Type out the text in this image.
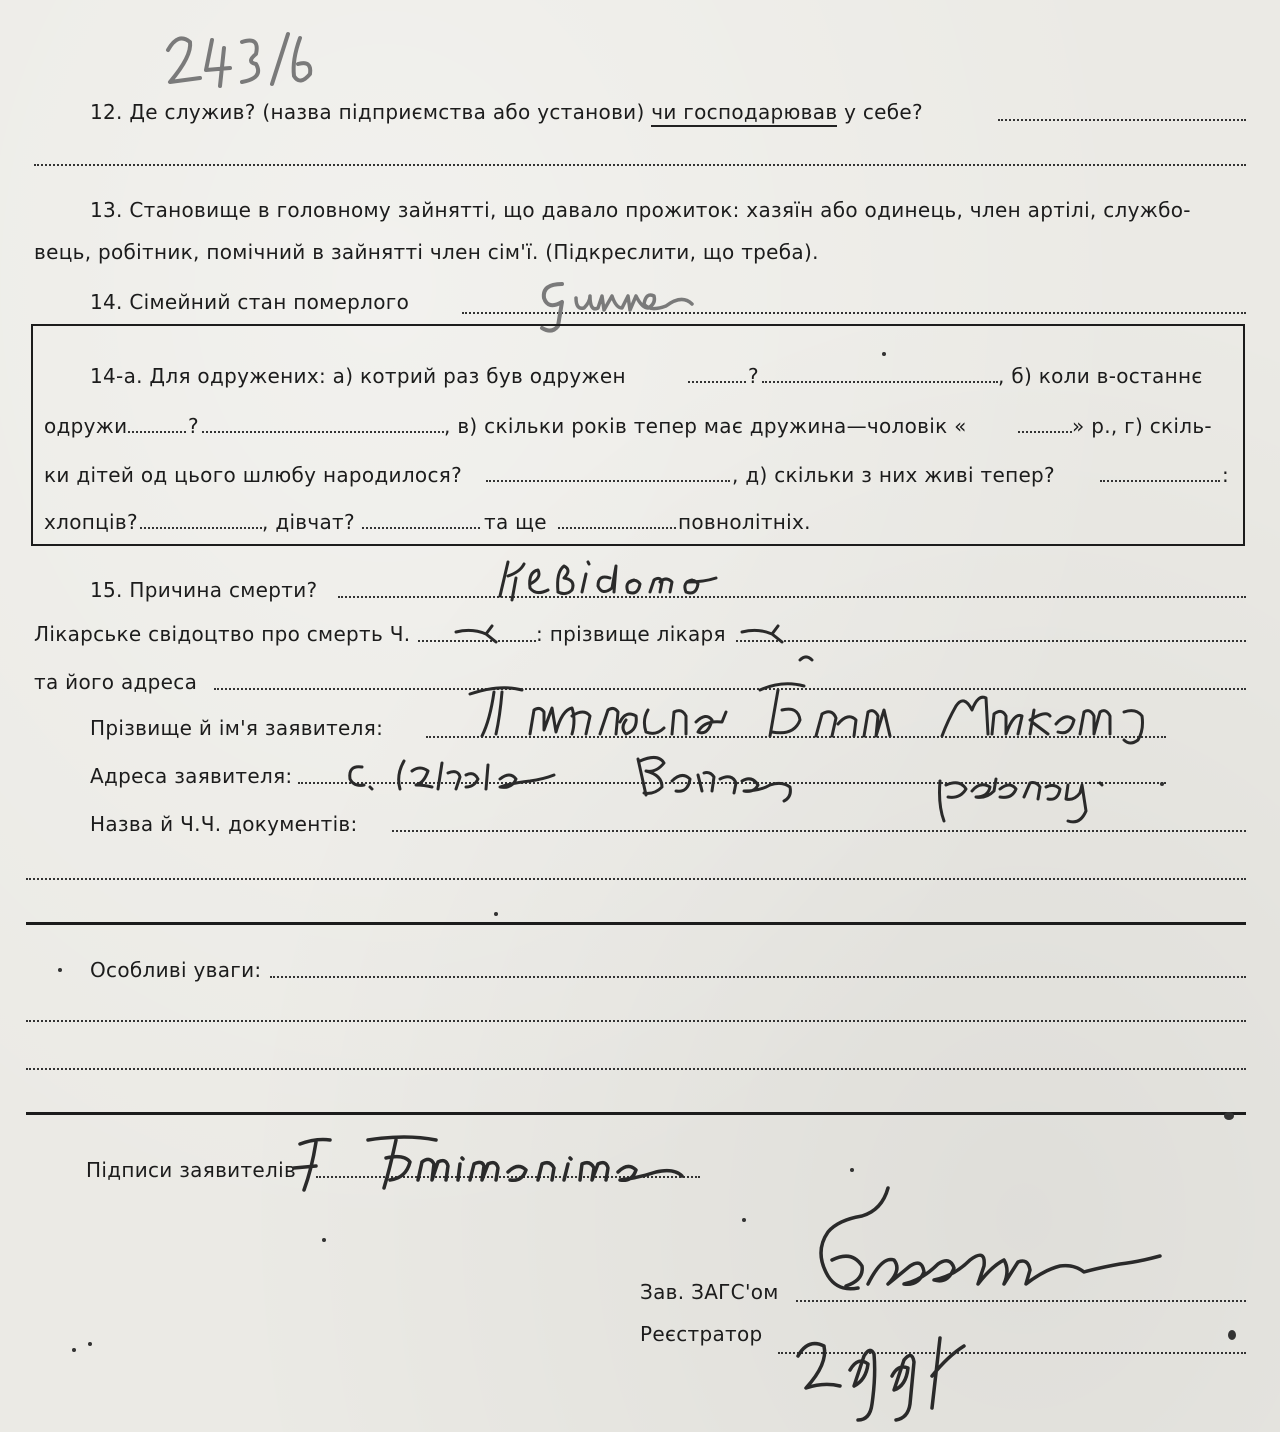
12. Де служив? (назва підприємства або установи) чи господарював у себе?
13. Становище в головному зайнятті, що давало прожиток: хазяїн або одинець, член артілі, службо-
вець, робітник, помічний в зайнятті член сім'ї. (Підкреслити, що треба).
14. Сімейний стан померлого
14-а. Для одружених: а) котрий раз був одружен	?	, б) коли в-останнє
одружи	?	, в) скільки років тепер має дружина—чоловік «	» р., г) скіль-
ки дітей од цього шлюбу народилося?	, д) скільки з них живі тепер?	:
хлопців?	, дівчат?	та ще	повнолітніх.
15. Причина смерти?
Лікарське свідоцтво про смерть Ч.	: прізвище лікаря
та його адреса
Прізвище й ім'я заявителя:
Адреса заявителя:
Назва й Ч.Ч. документів:
Особливі уваги:
Підписи заявителів
Зав. ЗАГС'ом
Реєстратор
